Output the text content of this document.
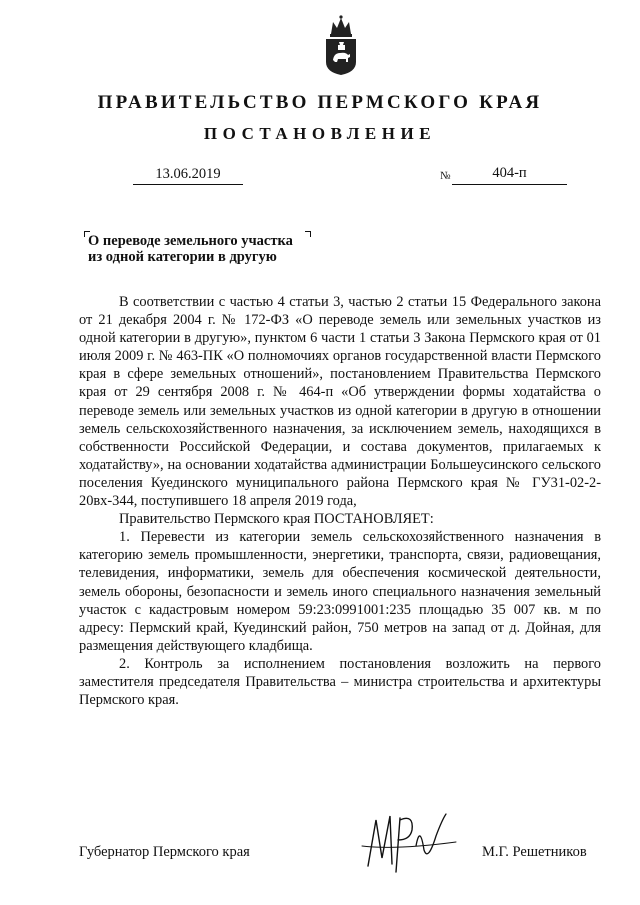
ПРАВИТЕЛЬСТВО ПЕРМСКОГО КРАЯ
ПОСТАНОВЛЕНИЕ
13.06.2019	№	404-п
О переводе земельного участка
из одной категории в другую

В соответствии с частью 4 статьи 3, частью 2 статьи 15 Федерального закона от 21 декабря 2004 г. № 172-ФЗ «О переводе земель или земельных участков из одной категории в другую», пунктом 6 части 1 статьи 3 Закона Пермского края от 01 июля 2009 г. № 463-ПК «О полномочиях органов государственной власти Пермского края в сфере земельных отношений», постановлением Правительства Пермского края от 29 сентября 2008 г. № 464-п «Об утверждении формы ходатайства о переводе земель или земельных участков из одной категории в другую в отношении земель сельскохозяйственного назначения, за исключением земель, находящихся в собственности Российской Федерации, и состава документов, прилагаемых к ходатайству», на основании ходатайства администрации Большеусинского сельского поселения Куединского муниципального района Пермского края № ГУ31-02-2-20вх-344, поступившего 18 апреля 2019 года,

Правительство Пермского края ПОСТАНОВЛЯЕТ:

1. Перевести из категории земель сельскохозяйственного назначения в категорию земель промышленности, энергетики, транспорта, связи, радиовещания, телевидения, информатики, земель для обеспечения космической деятельности, земель обороны, безопасности и земель иного специального назначения земельный участок с кадастровым номером 59:23:0991001:235 площадью 35 007 кв. м по адресу: Пермский край, Куединский район, 750 метров на запад от д. Дойная, для размещения действующего кладбища.

2. Контроль за исполнением постановления возложить на первого заместителя председателя Правительства – министра строительства и архитектуры Пермского края.

Губернатор Пермского края	М.Г. Решетников
